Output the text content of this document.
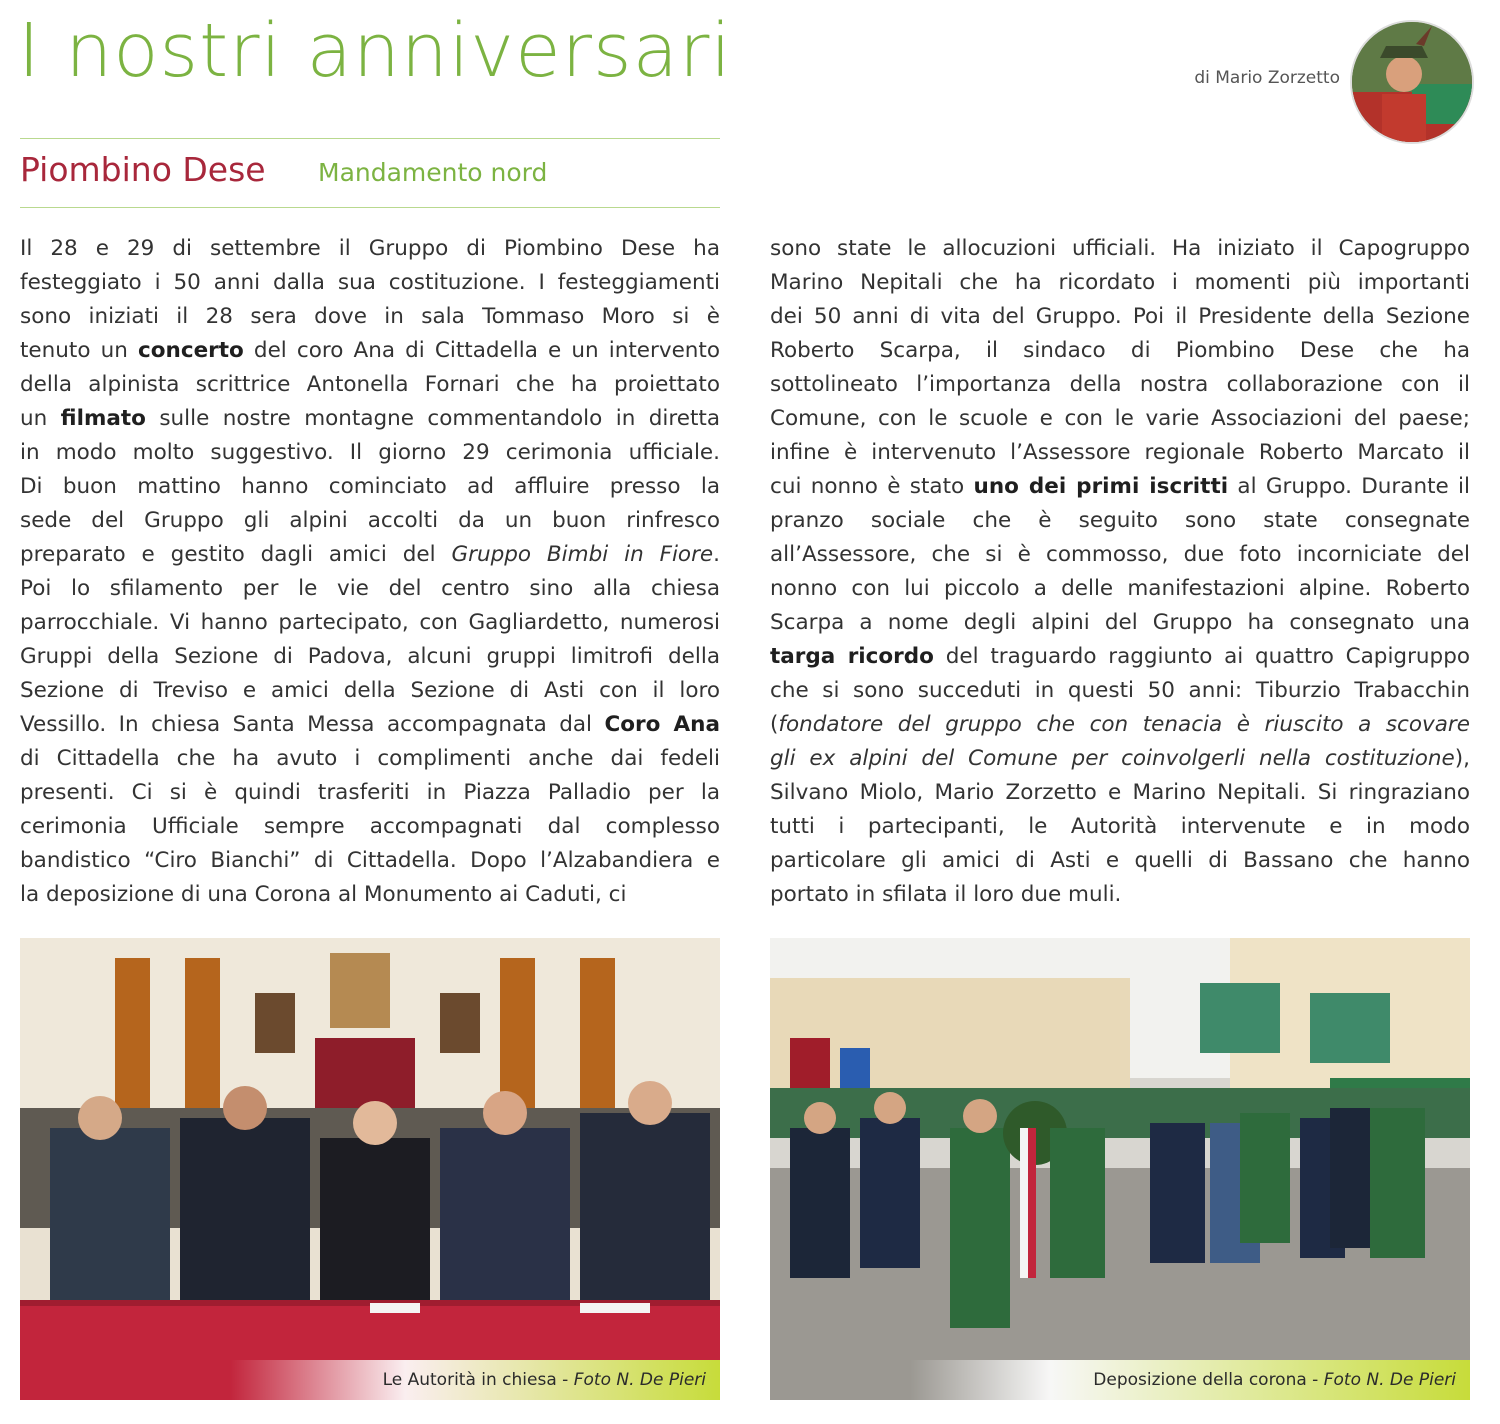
I nostri anniversari	di Mario Zorzetto
Piombino Dese Mandamento nord

Il 28 e 29 di settembre il Gruppo di Piombino Dese ha

festeggiato i 50 anni dalla sua costituzione. I festeggiamenti

sono iniziati il 28 sera dove in sala Tommaso Moro si è

tenuto un concerto del coro Ana di Cittadella e un intervento

della alpinista scrittrice Antonella Fornari che ha proiettato

un filmato sulle nostre montagne commentandolo in diretta

in modo molto suggestivo. Il giorno 29 cerimonia ufficiale.

Di buon mattino hanno cominciato ad affluire presso la

sede del Gruppo gli alpini accolti da un buon rinfresco

preparato e gestito dagli amici del Gruppo Bimbi in Fiore.

Poi lo sfilamento per le vie del centro sino alla chiesa

parrocchiale. Vi hanno partecipato, con Gagliardetto, numerosi

Gruppi della Sezione di Padova, alcuni gruppi limitrofi della

Sezione di Treviso e amici della Sezione di Asti con il loro

Vessillo. In chiesa Santa Messa accompagnata dal Coro Ana

di Cittadella che ha avuto i complimenti anche dai fedeli

presenti. Ci si è quindi trasferiti in Piazza Palladio per la

cerimonia Ufficiale sempre accompagnati dal complesso

bandistico “Ciro Bianchi” di Cittadella. Dopo l’Alzabandiera e

la deposizione di una Corona al Monumento ai Caduti, ci

sono state le allocuzioni ufficiali. Ha iniziato il Capogruppo

Marino Nepitali che ha ricordato i momenti più importanti

dei 50 anni di vita del Gruppo. Poi il Presidente della Sezione

Roberto Scarpa, il sindaco di Piombino Dese che ha

sottolineato l’importanza della nostra collaborazione con il

Comune, con le scuole e con le varie Associazioni del paese;

infine è intervenuto l’Assessore regionale Roberto Marcato il

cui nonno è stato uno dei primi iscritti al Gruppo. Durante il

pranzo sociale che è seguito sono state consegnate

all’Assessore, che si è commosso, due foto incorniciate del

nonno con lui piccolo a delle manifestazioni alpine. Roberto

Scarpa a nome degli alpini del Gruppo ha consegnato una

targa ricordo del traguardo raggiunto ai quattro Capigruppo

che si sono succeduti in questi 50 anni: Tiburzio Trabacchin

(fondatore del gruppo che con tenacia è riuscito a scovare

gli ex alpini del Comune per coinvolgerli nella costituzione),

Silvano Miolo, Mario Zorzetto e Marino Nepitali. Si ringraziano

tutti i partecipanti, le Autorità intervenute e in modo

particolare gli amici di Asti e quelli di Bassano che hanno

portato in sfilata il loro due muli.

Le Autorità in chiesa - Foto N. De Pieri	Deposizione della corona - Foto N. De Pieri
